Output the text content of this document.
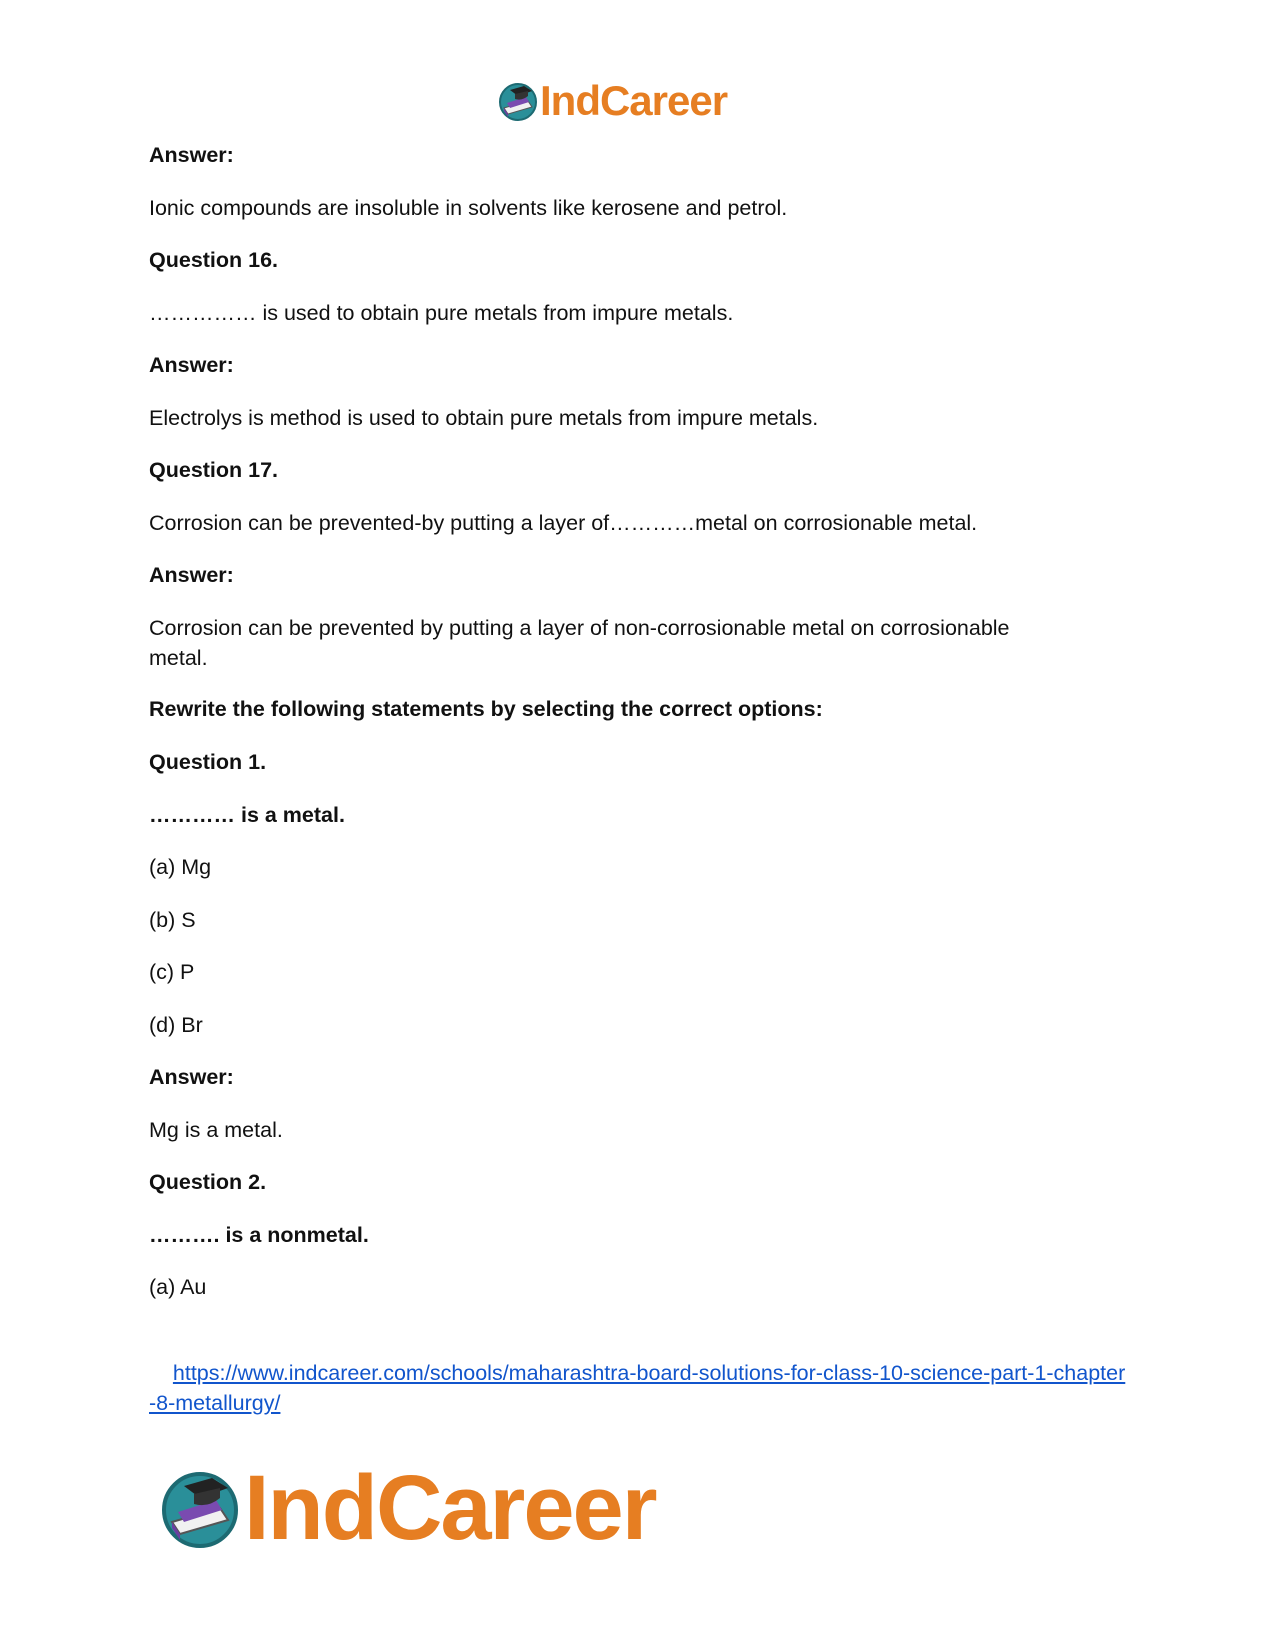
IndCareer
Answer:
Ionic compounds are insoluble in solvents like kerosene and petrol.
Question 16.
…………… is used to obtain pure metals from impure metals.
Answer:
Electrolys is method is used to obtain pure metals from impure metals.
Question 17.
Corrosion can be prevented-by putting a layer of…………metal on corrosionable metal.
Answer:
Corrosion can be prevented by putting a layer of non-corrosionable metal on corrosionable metal.
Rewrite the following statements by selecting the correct options:
Question 1.
………… is a metal.
(a) Mg
(b) S
(c) P
(d) Br
Answer:
Mg is a metal.
Question 2.
………. is a nonmetal.
(a) Au

https://www.indcareer.com/schools/maharashtra-board-solutions-for-class-10-science-part-1-chapter-8-metallurgy/

IndCareer
